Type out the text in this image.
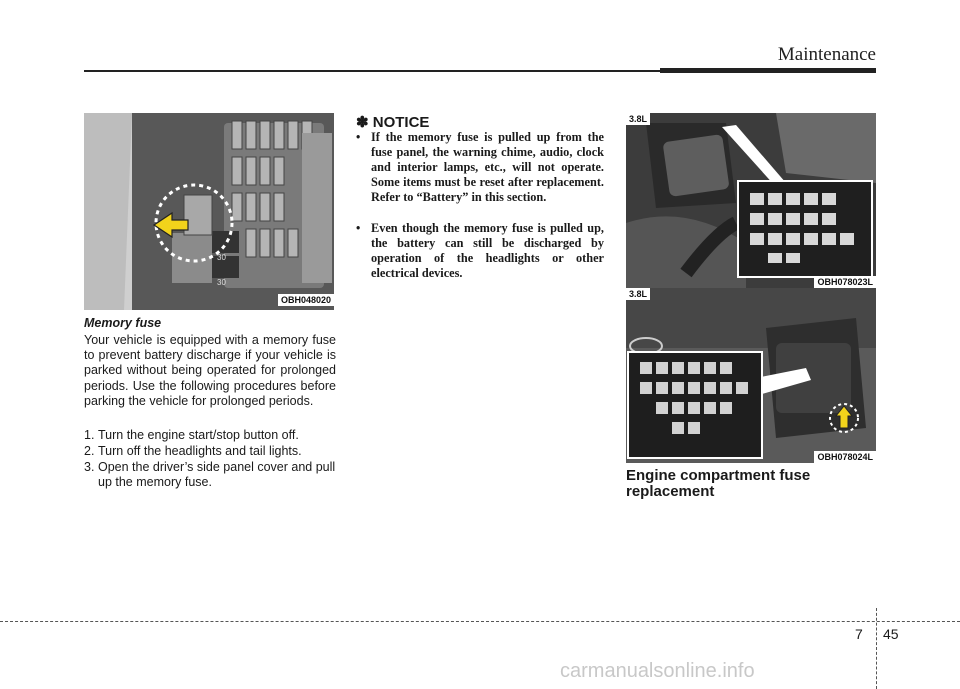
Maintenance
OBH048020
30
30
Memory fuse
Your vehicle is equipped with a memory fuse to prevent battery discharge if your vehicle is parked without being operated for prolonged periods. Use the following procedures before parking the vehicle for prolonged periods.
1. Turn the engine start/stop button off.
2. Turn off the headlights and tail lights.
3. Open the driver’s side panel cover and pull up the memory fuse.
✽ NOTICE
• If the memory fuse is pulled up from the fuse panel, the warning chime, audio, clock and interior lamps, etc., will not operate. Some items must be reset after replacement. Refer to “Battery” in this section.
• Even though the memory fuse is pulled up, the battery can still be discharged by operation of the headlights or other electrical devices.
3.8L
OBH078023L
3.8L
OBH078024L
Engine compartment fuse replacement
7 45
carmanualsonline.info
